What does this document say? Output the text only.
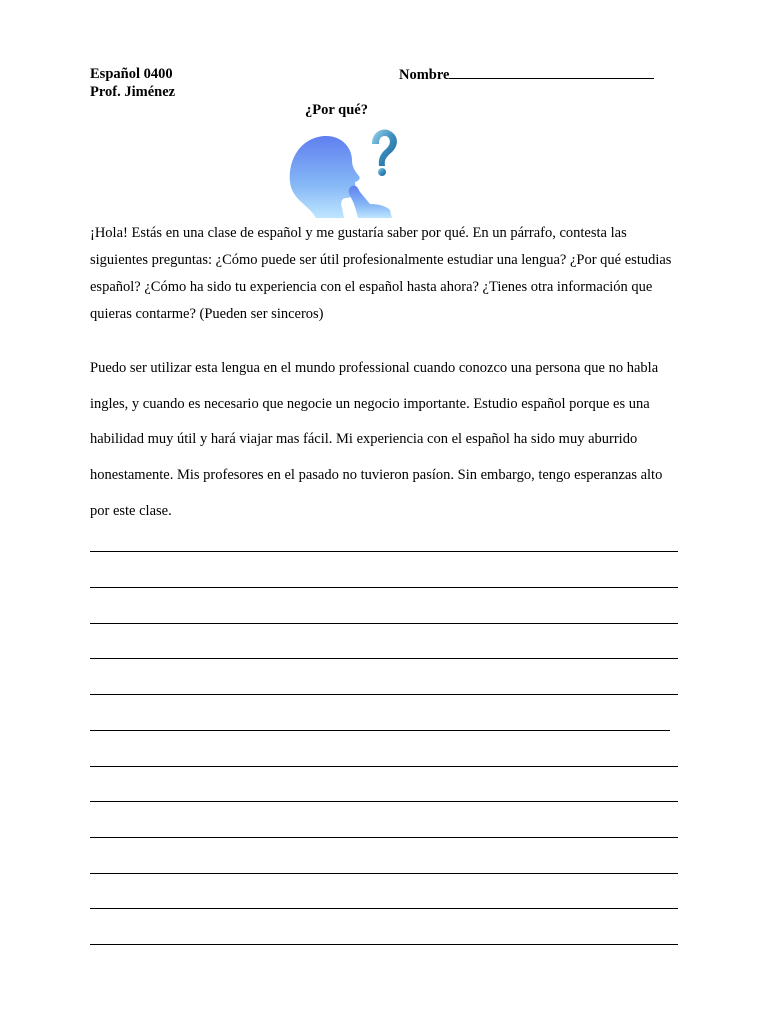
Español 0400
Prof. Jiménez
Nombre
¿Por qué?
¡Hola! Estás en una clase de español y me gustaría saber por qué. En un párrafo, contesta las siguientes preguntas: ¿Cómo puede ser útil profesionalmente estudiar una lengua? ¿Por qué estudias español? ¿Cómo ha sido tu experiencia con el español hasta ahora? ¿Tienes otra información que quieras contarme? (Pueden ser sinceros)
Puedo ser utilizar esta lengua en el mundo professional cuando conozco una persona que no habla ingles, y cuando es necesario que negocie un negocio importante. Estudio español porque es una habilidad muy útil y hará viajar mas fácil. Mi experiencia con el español ha sido muy aburrido honestamente. Mis profesores en el pasado no tuvieron pasíon. Sin embargo, tengo esperanzas alto por este clase.
